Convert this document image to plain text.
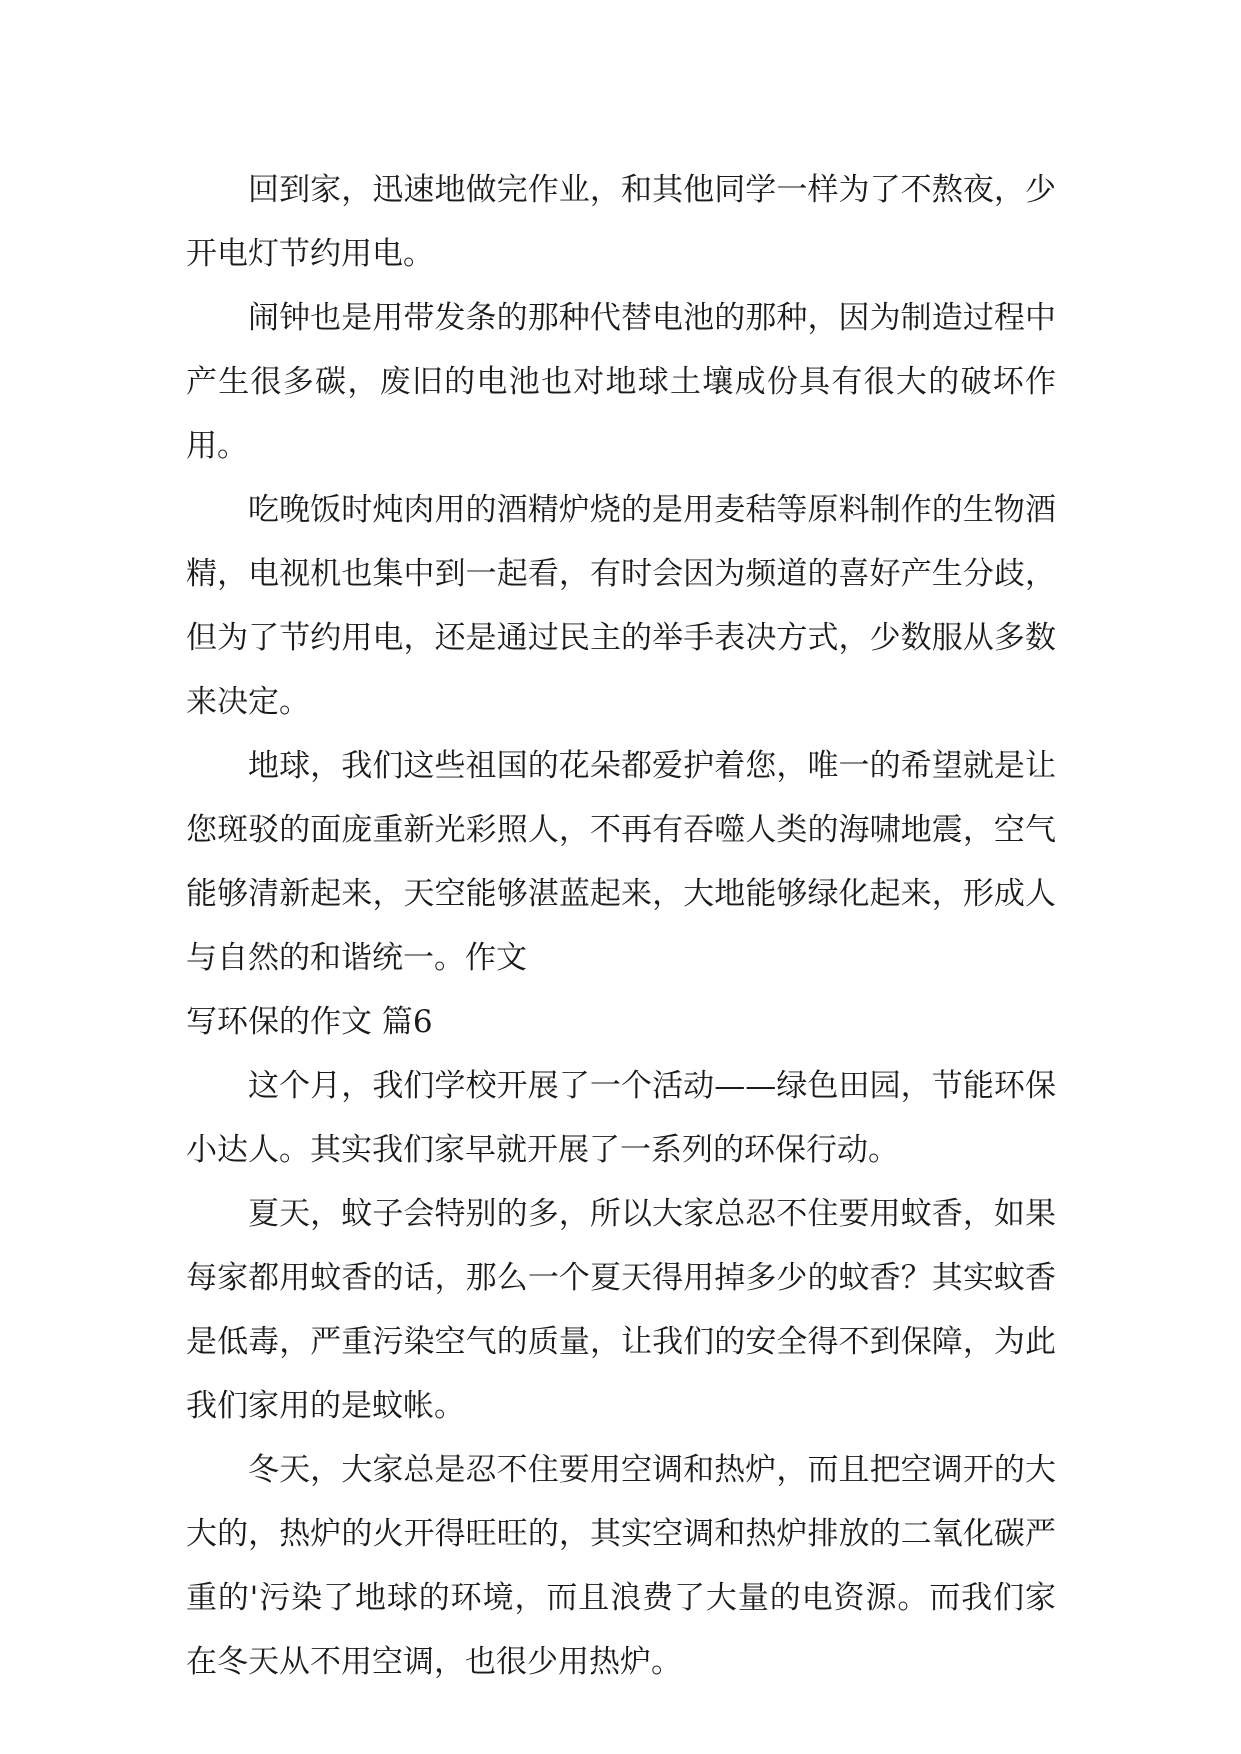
回到家，迅速地做完作业，和其他同学一样为了不熬夜，少开电灯节约用电。

闹钟也是用带发条的那种代替电池的那种，因为制造过程中产生很多碳，废旧的电池也对地球土壤成份具有很大的破坏作用。

吃晚饭时炖肉用的酒精炉烧的是用麦秸等原料制作的生物酒精，电视机也集中到一起看，有时会因为频道的喜好产生分歧，但为了节约用电，还是通过民主的举手表决方式，少数服从多数来决定。

地球，我们这些祖国的花朵都爱护着您，唯一的希望就是让您斑驳的面庞重新光彩照人，不再有吞噬人类的海啸地震，空气能够清新起来，天空能够湛蓝起来，大地能够绿化起来，形成人与自然的和谐统一。作文

写环保的作文 篇6

这个月，我们学校开展了一个活动——绿色田园，节能环保小达人。其实我们家早就开展了一系列的环保行动。

夏天，蚊子会特别的多，所以大家总忍不住要用蚊香，如果每家都用蚊香的话，那么一个夏天得用掉多少的蚊香？其实蚊香是低毒，严重污染空气的质量，让我们的安全得不到保障，为此我们家用的是蚊帐。

冬天，大家总是忍不住要用空调和热炉，而且把空调开的大大的，热炉的火开得旺旺的，其实空调和热炉排放的二氧化碳严重的'污染了地球的环境，而且浪费了大量的电资源。而我们家在冬天从不用空调，也很少用热炉。
